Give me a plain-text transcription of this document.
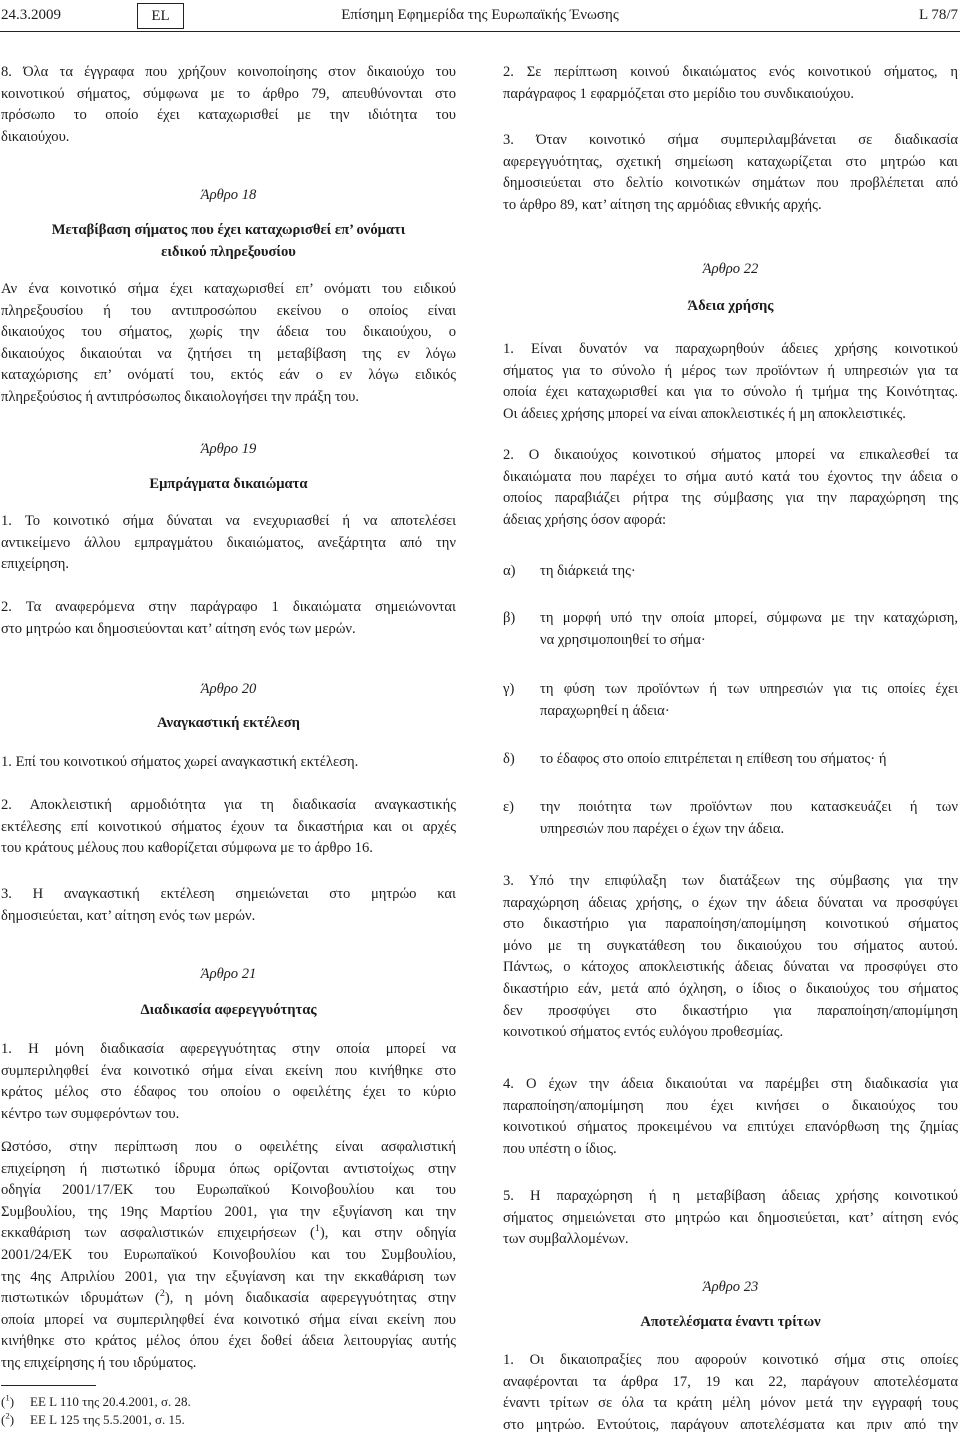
24.3.2009	EL	Επίσημη Εφημερίδα της Ευρωπαϊκής Ένωσης	L 78/7
8. Όλα τα έγγραφα που χρήζουν κοινοποίησης στον δικαιούχο του
κοινοτικού σήματος, σύμφωνα με το άρθρο 79, απευθύνονται στο
πρόσωπο το οποίο έχει καταχωρισθεί με την ιδιότητα του
δικαιούχου.
Άρθρο 18
Μεταβίβαση σήματος που έχει καταχωρισθεί επ’ ονόματι
ειδικού πληρεξουσίου
Αν ένα κοινοτικό σήμα έχει καταχωρισθεί επ’ ονόματι του ειδικού
πληρεξουσίου ή του αντιπροσώπου εκείνου ο οποίος είναι
δικαιούχος του σήματος, χωρίς την άδεια του δικαιούχου, ο
δικαιούχος δικαιούται να ζητήσει τη μεταβίβαση της εν λόγω
καταχώρισης επ’ ονόματί του, εκτός εάν ο εν λόγω ειδικός
πληρεξούσιος ή αντιπρόσωπος δικαιολογήσει την πράξη του.
Άρθρο 19
Εμπράγματα δικαιώματα
1. Το κοινοτικό σήμα δύναται να ενεχυριασθεί ή να αποτελέσει
αντικείμενο άλλου εμπραγμάτου δικαιώματος, ανεξάρτητα από την
επιχείρηση.
2. Τα αναφερόμενα στην παράγραφο 1 δικαιώματα σημειώνονται
στο μητρώο και δημοσιεύονται κατ’ αίτηση ενός των μερών.
Άρθρο 20
Αναγκαστική εκτέλεση
1. Επί του κοινοτικού σήματος χωρεί αναγκαστική εκτέλεση.
2. Αποκλειστική αρμοδιότητα για τη διαδικασία αναγκαστικής
εκτέλεσης επί κοινοτικού σήματος έχουν τα δικαστήρια και οι αρχές
του κράτους μέλους που καθορίζεται σύμφωνα με το άρθρο 16.
3. Η αναγκαστική εκτέλεση σημειώνεται στο μητρώο και
δημοσιεύεται, κατ’ αίτηση ενός των μερών.
Άρθρο 21
Διαδικασία αφερεγγυότητας
1. Η μόνη διαδικασία αφερεγγυότητας στην οποία μπορεί να
συμπεριληφθεί ένα κοινοτικό σήμα είναι εκείνη που κινήθηκε στο
κράτος μέλος στο έδαφος του οποίου ο οφειλέτης έχει το κύριο
κέντρο των συμφερόντων του.
Ωστόσο, στην περίπτωση που ο οφειλέτης είναι ασφαλιστική
επιχείρηση ή πιστωτικό ίδρυμα όπως ορίζονται αντιστοίχως στην
οδηγία 2001/17/ΕΚ του Ευρωπαϊκού Κοινοβουλίου και του
Συμβουλίου, της 19ης Μαρτίου 2001, για την εξυγίανση και την
εκκαθάριση των ασφαλιστικών επιχειρήσεων ($^1$), και στην οδηγία
2001/24/ΕΚ του Ευρωπαϊκού Κοινοβουλίου και του Συμβουλίου,
της 4ης Απριλίου 2001, για την εξυγίανση και την εκκαθάριση των
πιστωτικών ιδρυμάτων ($^2$), η μόνη διαδικασία αφερεγγυότητας στην
οποία μπορεί να συμπεριληφθεί ένα κοινοτικό σήμα είναι εκείνη που
κινήθηκε στο κράτος μέλος όπου έχει δοθεί άδεια λειτουργίας αυτής
της επιχείρησης ή του ιδρύματος.
($^1$) ΕΕ L 110 της 20.4.2001, σ. 28.
($^2$) ΕΕ L 125 της 5.5.2001, σ. 15.
2. Σε περίπτωση κοινού δικαιώματος ενός κοινοτικού σήματος, η
παράγραφος 1 εφαρμόζεται στο μερίδιο του συνδικαιούχου.
3. Όταν κοινοτικό σήμα συμπεριλαμβάνεται σε διαδικασία
αφερεγγυότητας, σχετική σημείωση καταχωρίζεται στο μητρώο και
δημοσιεύεται στο δελτίο κοινοτικών σημάτων που προβλέπεται από
το άρθρο 89, κατ’ αίτηση της αρμόδιας εθνικής αρχής.
Άρθρο 22
Άδεια χρήσης
1. Είναι δυνατόν να παραχωρηθούν άδειες χρήσης κοινοτικού
σήματος για το σύνολο ή μέρος των προϊόντων ή υπηρεσιών για τα
οποία έχει καταχωρισθεί και για το σύνολο ή τμήμα της Κοινότητας.
Οι άδειες χρήσης μπορεί να είναι αποκλειστικές ή μη αποκλειστικές.
2. Ο δικαιούχος κοινοτικού σήματος μπορεί να επικαλεσθεί τα
δικαιώματα που παρέχει το σήμα αυτό κατά του έχοντος την άδεια ο
οποίος παραβιάζει ρήτρα της σύμβασης για την παραχώρηση της
άδειας χρήσης όσον αφορά:
α) τη διάρκειά της·
β) τη μορφή υπό την οποία μπορεί, σύμφωνα με την καταχώριση,
να χρησιμοποιηθεί το σήμα·
γ) τη φύση των προϊόντων ή των υπηρεσιών για τις οποίες έχει
παραχωρηθεί η άδεια·
δ) το έδαφος στο οποίο επιτρέπεται η επίθεση του σήματος· ή
ε) την ποιότητα των προϊόντων που κατασκευάζει ή των
υπηρεσιών που παρέχει ο έχων την άδεια.
3. Υπό την επιφύλαξη των διατάξεων της σύμβασης για την
παραχώρηση άδειας χρήσης, ο έχων την άδεια δύναται να προσφύγει
στο δικαστήριο για παραποίηση/απομίμηση κοινοτικού σήματος
μόνο με τη συγκατάθεση του δικαιούχου του σήματος αυτού.
Πάντως, ο κάτοχος αποκλειστικής άδειας δύναται να προσφύγει στο
δικαστήριο εάν, μετά από όχληση, ο ίδιος ο δικαιούχος του σήματος
δεν προσφύγει στο δικαστήριο για παραποίηση/απομίμηση
κοινοτικού σήματος εντός ευλόγου προθεσμίας.
4. Ο έχων την άδεια δικαιούται να παρέμβει στη διαδικασία για
παραποίηση/απομίμηση που έχει κινήσει ο δικαιούχος του
κοινοτικού σήματος προκειμένου να επιτύχει επανόρθωση της ζημίας
που υπέστη ο ίδιος.
5. Η παραχώρηση ή η μεταβίβαση άδειας χρήσης κοινοτικού
σήματος σημειώνεται στο μητρώο και δημοσιεύεται, κατ’ αίτηση ενός
των συμβαλλομένων.
Άρθρο 23
Αποτελέσματα έναντι τρίτων
1. Οι δικαιοπραξίες που αφορούν κοινοτικό σήμα στις οποίες
αναφέρονται τα άρθρα 17, 19 και 22, παράγουν αποτελέσματα
έναντι τρίτων σε όλα τα κράτη μέλη μόνον μετά την εγγραφή τους
στο μητρώο. Εντούτοις, παράγουν αποτελέσματα και πριν από την
